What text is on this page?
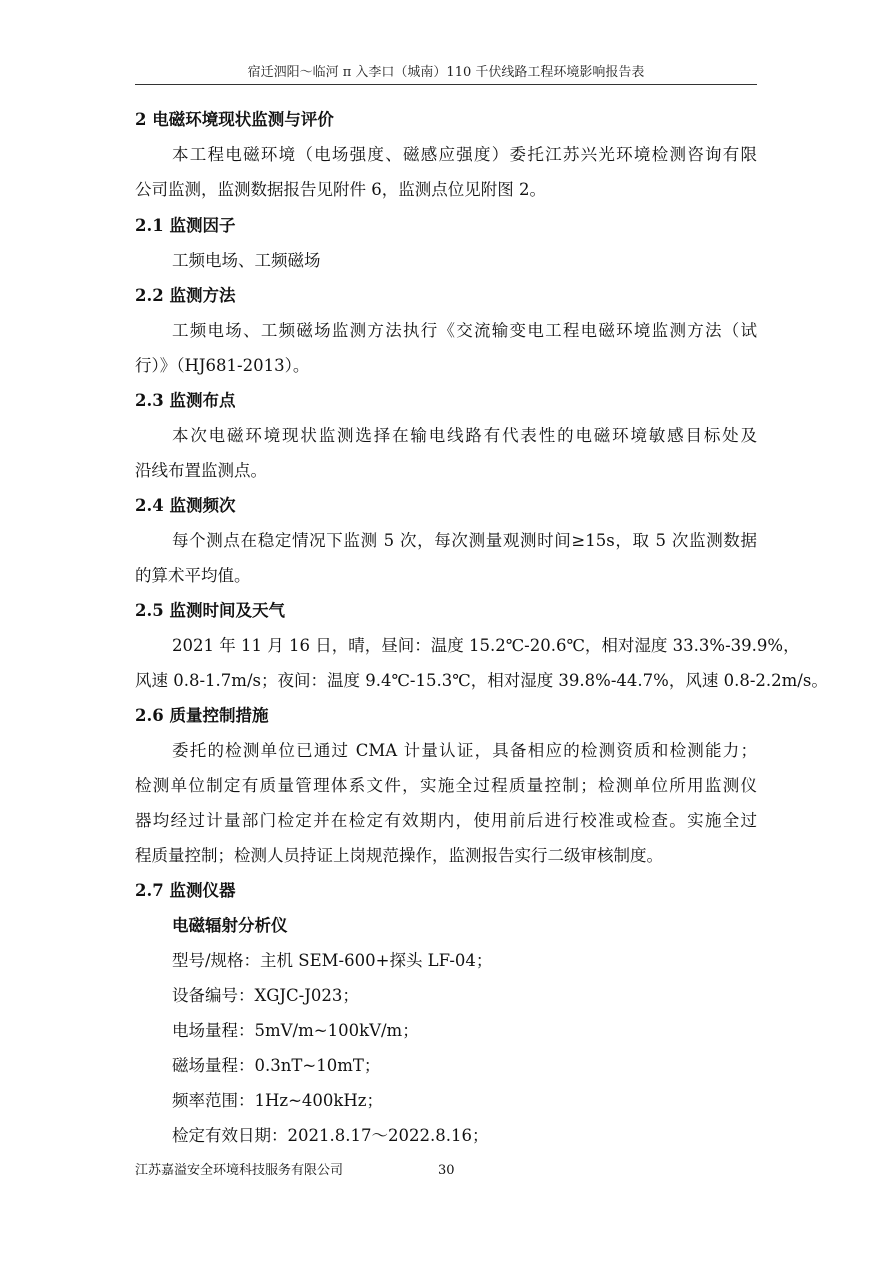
宿迁泗阳～临河 π 入李口（城南）110 千伏线路工程环境影响报告表
2 电磁环境现状监测与评价
本工程电磁环境（电场强度、磁感应强度）委托江苏兴光环境检测咨询有限
公司监测，监测数据报告见附件 6，监测点位见附图 2。
2.1 监测因子
工频电场、工频磁场
2.2 监测方法
工频电场、工频磁场监测方法执行《交流输变电工程电磁环境监测方法（试
行）》（HJ681-2013）。
2.3 监测布点
本次电磁环境现状监测选择在输电线路有代表性的电磁环境敏感目标处及
沿线布置监测点。
2.4 监测频次
每个测点在稳定情况下监测 5 次，每次测量观测时间≥15s，取 5 次监测数据
的算术平均值。
2.5 监测时间及天气
2021 年 11 月 16 日，晴，昼间：温度 15.2℃-20.6℃，相对湿度 33.3%-39.9%，
风速 0.8-1.7m/s；夜间：温度 9.4℃-15.3℃，相对湿度 39.8%-44.7%，风速 0.8-2.2m/s。
2.6 质量控制措施
委托的检测单位已通过 CMA 计量认证，具备相应的检测资质和检测能力；
检测单位制定有质量管理体系文件，实施全过程质量控制；检测单位所用监测仪
器均经过计量部门检定并在检定有效期内，使用前后进行校准或检查。实施全过
程质量控制；检测人员持证上岗规范操作，监测报告实行二级审核制度。
2.7 监测仪器
电磁辐射分析仪
型号/规格：主机 SEM-600+探头 LF-04；
设备编号：XGJC-J023；
电场量程：5mV/m~100kV/m；
磁场量程：0.3nT~10mT；
频率范围：1Hz~400kHz；
检定有效日期：2021.8.17～2022.8.16；
江苏嘉溢安全环境科技服务有限公司	30
